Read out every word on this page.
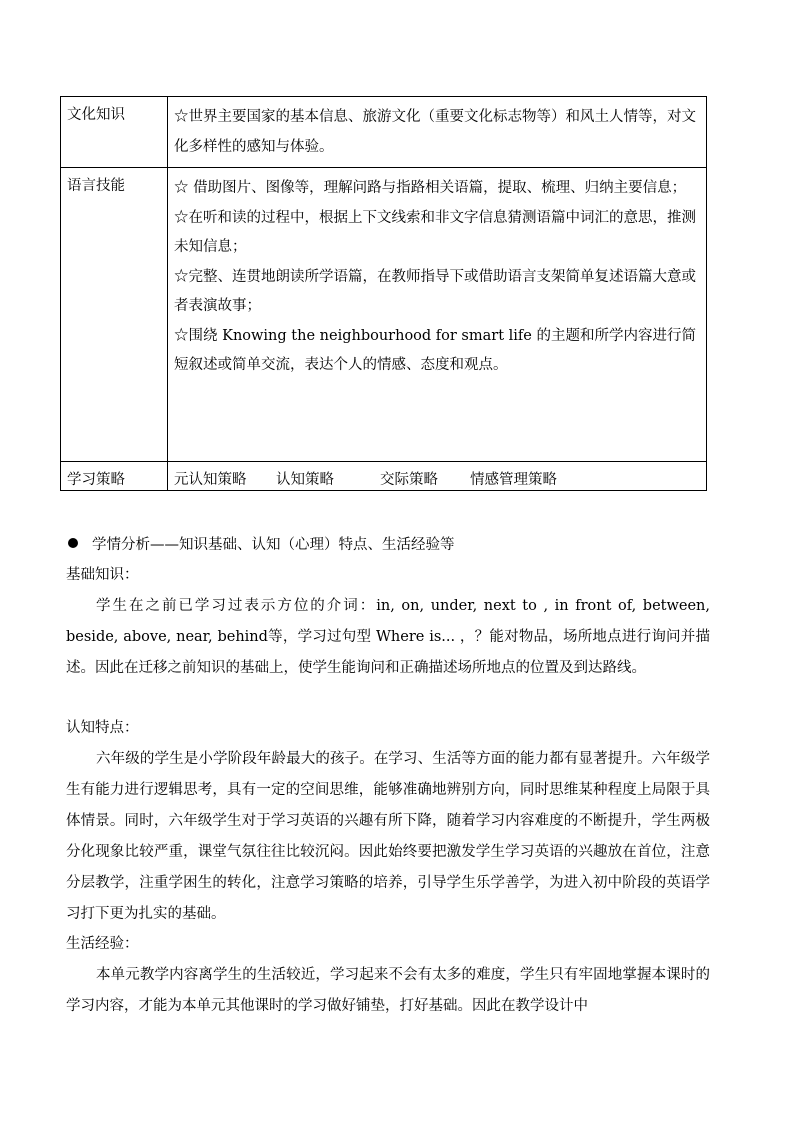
文化知识	☆世界主要国家的基本信息、旅游文化（重要文化标志物等）和风土人情等，对文化多样性的感知与体验。

语言技能	☆ 借助图片、图像等，理解问路与指路相关语篇，提取、梳理、归纳主要信息；

☆在听和读的过程中，根据上下文线索和非文字信息猜测语篇中词汇的意思，推测未知信息；

☆完整、连贯地朗读所学语篇，在教师指导下或借助语言支架简单复述语篇大意或者表演故事；

☆围绕 Knowing the neighbourhood for smart life 的主题和所学内容进行简短叙述或简单交流，表达个人的情感、态度和观点。

学习策略	元认知策略 认知策略 交际策略 情感管理策略
学情分析——知识基础、认知（心理）特点、生活经验等
基础知识：
学生在之前已学习过表示方位的介词：in, on, under, next to , in front of, between, beside, above, near, behind等，学习过句型 Where is... ，？能对物品，场所地点进行询问并描述。因此在迁移之前知识的基础上，使学生能询问和正确描述场所地点的位置及到达路线。
认知特点：
六年级的学生是小学阶段年龄最大的孩子。在学习、生活等方面的能力都有显著提升。六年级学生有能力进行逻辑思考，具有一定的空间思维，能够准确地辨别方向，同时思维某种程度上局限于具体情景。同时，六年级学生对于学习英语的兴趣有所下降，随着学习内容难度的不断提升，学生两极分化现象比较严重，课堂气氛往往比较沉闷。因此始终要把激发学生学习英语的兴趣放在首位，注意分层教学，注重学困生的转化，注意学习策略的培养，引导学生乐学善学，为进入初中阶段的英语学习打下更为扎实的基础。
生活经验：
本单元教学内容离学生的生活较近，学习起来不会有太多的难度，学生只有牢固地掌握本课时的学习内容，才能为本单元其他课时的学习做好铺垫，打好基础。因此在教学设计中
